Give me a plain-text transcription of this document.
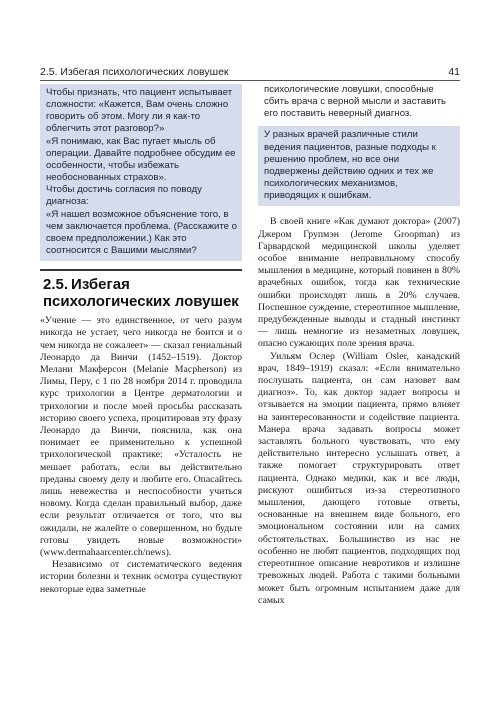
2.5. Избегая психологических ловушек	41

Чтобы признать, что пациент испытывает сложности: «Кажется, Вам очень сложно говорить об этом. Могу ли я как-то облегчить этот разговор?»

«Я понимаю, как Вас пугает мысль об операции. Давайте подробнее обсудим ее особенности, чтобы избежать необоснованных страхов».

Чтобы достичь согласия по поводу диагноза:

«Я нашел возможное объяснение того, в чем заключается проблема. (Расскажите о своем предположении.) Как это соотносится с Вашими мыслями?

2.5. Избегая психологических ловушек

«Учение — это единственное, от чего разум никогда не устает, чего никогда не боится и о чем никогда не сожалеет» — сказал гениальный Леонардо да Винчи (1452–1519). Доктор Мелани Макферсон (Melanie Macpherson) из Лимы, Перу, с 1 по 28 ноября 2014 г. проводила курс трихологии в Центре дерматологии и трихологии и после моей просьбы рассказать историю своего успеха, процитировав эту фразу Леонардо да Винчи, пояснила, как она понимает ее применительно к успешной трихологической практике: «Усталость не мешает работать, если вы действительно преданы своему делу и любите его. Опасайтесь лишь невежества и неспособности учиться новому. Когда сделан правильный выбор, даже если результат отличается от того, что вы ожидали, не жалейте о совершенном, но будьте готовы увидеть новые возможности» (www.dermahaarcenter.ch/news).

Независимо от систематического ведения истории болезни и техник осмотра существуют некоторые едва заметные

психологические ловушки, способные сбить врача с верной мысли и заставить его поставить неверный диагноз.

У разных врачей различные стили ведения пациентов, разные подходы к решению проблем, но все они подвержены действию одних и тех же психологических механизмов, приводящих к ошибкам.

В своей книге «Как думают доктора» (2007) Джером Групмэн (Jerome Groopman) из Гарвардской медицинской школы уделяет особое внимание неправильному способу мышления в медицине, который повинен в 80% врачебных ошибок, тогда как технические ошибки происходят лишь в 20% случаев. Поспешное суждение, стереотипное мышление, предубежденные выводы и стадный инстинкт — лишь немногие из незаметных ловушек, опасно сужающих поле зрения врача.

Уильям Ослер (William Osler, канадский врач, 1849–1919) сказал: «Если внимательно послушать пациента, он сам назовет вам диагноз». То, как доктор задает вопросы и отзывается на эмоции пациента, прямо влияет на заинтересованности и содействие пациента. Манера врача задавать вопросы может заставлять больного чувствовать, что ему действительно интересно услышать ответ, а также помогает структурировать ответ пациента. Однако медики, как и все люди, рискуют ошибиться из-за стереотипного мышления, дающего готовые ответы, основанные на внешнем виде больного, его эмоциональном состоянии или на самих обстоятельствах. Большинство из нас не особенно не любят пациентов, подходящих под стереотипное описание невротиков и излишне тревожных людей. Работа с такими больными может быть огромным испытанием даже для самых
